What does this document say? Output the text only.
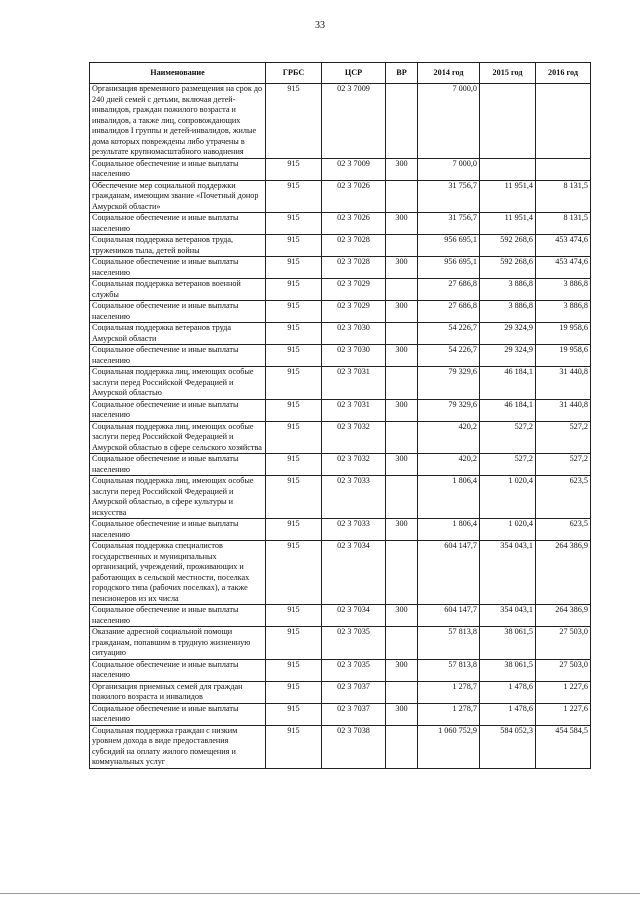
33
Наименование	ГРБС	ЦСР	ВР	2014 год	2015 год	2016 год
Организация временного размещения на срок до 240 дней семей с детьми, включая детей-инвалидов, граждан пожилого возраста и инвалидов, а также лиц, сопровождающих инвалидов I группы и детей-инвалидов, жилые дома которых повреждены либо утрачены в результате крупномасштабного наводнения	915	02 3 7009		7 000,0		
Социальное обеспечение и иные выплаты населению	915	02 3 7009	300	7 000,0		
Обеспечение мер социальной поддержки гражданам, имеющим звание «Почетный донор Амурской области»	915	02 3 7026		31 756,7	11 951,4	8 131,5
Социальное обеспечение и иные выплаты населению	915	02 3 7026	300	31 756,7	11 951,4	8 131,5
Социальная поддержка ветеранов труда, тружеников тыла, детей войны	915	02 3 7028		956 695,1	592 268,6	453 474,6
Социальное обеспечение и иные выплаты населению	915	02 3 7028	300	956 695,1	592 268,6	453 474,6
Социальная поддержка ветеранов военной службы	915	02 3 7029		27 686,8	3 886,8	3 886,8
Социальное обеспечение и иные выплаты населению	915	02 3 7029	300	27 686,8	3 886,8	3 886,8
Социальная поддержка ветеранов труда Амурской области	915	02 3 7030		54 226,7	29 324,9	19 958,6
Социальное обеспечение и иные выплаты населению	915	02 3 7030	300	54 226,7	29 324,9	19 958,6
Социальная поддержка лиц, имеющих особые заслуги перед Российской Федерацией и Амурской областью	915	02 3 7031		79 329,6	46 184,1	31 440,8
Социальное обеспечение и иные выплаты населению	915	02 3 7031	300	79 329,6	46 184,1	31 440,8
Социальная поддержка лиц, имеющих особые заслуги перед Российской Федерацией и Амурской областью в сфере сельского хозяйства	915	02 3 7032		420,2	527,2	527,2
Социальное обеспечение и иные выплаты населению	915	02 3 7032	300	420,2	527,2	527,2
Социальная поддержка лиц, имеющих особые заслуги перед Российской Федерацией и Амурской областью, в сфере культуры и искусства	915	02 3 7033		1 806,4	1 020,4	623,5
Социальное обеспечение и иные выплаты населению	915	02 3 7033	300	1 806,4	1 020,4	623,5
Социальная поддержка специалистов государственных и муниципальных организаций, учреждений, проживающих и работающих в сельской местности, поселках городского типа (рабочих поселках), а также пенсионеров из их числа	915	02 3 7034		604 147,7	354 043,1	264 386,9
Социальное обеспечение и иные выплаты населению	915	02 3 7034	300	604 147,7	354 043,1	264 386,9
Оказание адресной социальной помощи гражданам, попавшим в трудную жизненную ситуацию	915	02 3 7035		57 813,8	38 061,5	27 503,0
Социальное обеспечение и иные выплаты населению	915	02 3 7035	300	57 813,8	38 061,5	27 503,0
Организация приемных семей для граждан пожилого возраста и инвалидов	915	02 3 7037		1 278,7	1 478,6	1 227,6
Социальное обеспечение и иные выплаты населению	915	02 3 7037	300	1 278,7	1 478,6	1 227,6
Социальная поддержка граждан с низким уровнем дохода в виде предоставления субсидий на оплату жилого помещения и коммунальных услуг	915	02 3 7038		1 060 752,9	584 052,3	454 584,5
